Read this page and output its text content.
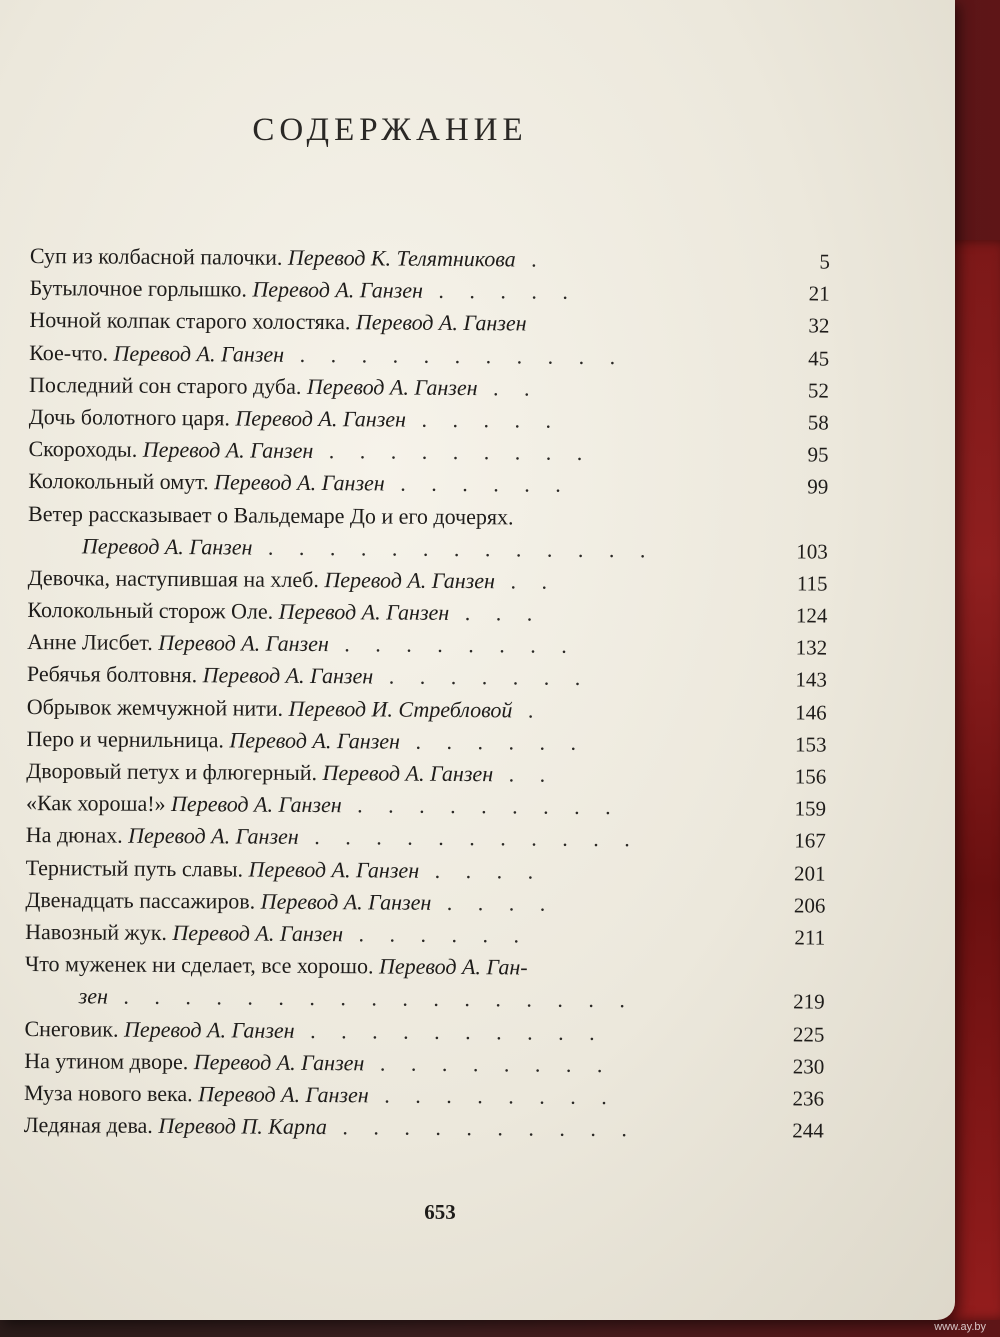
СОДЕРЖАНИЕ
Суп из колбасной палочки. Перевод К. Телятникова .	5
Бутылочное горлышко. Перевод А. Ганзен . . . . .	21
Ночной колпак старого холостяка. Перевод А. Ганзен	32
Кое-что. Перевод А. Ганзен . . . . . . . . . . .	45
Последний сон старого дуба. Перевод А. Ганзен . .	52
Дочь болотного царя. Перевод А. Ганзен . . . . .	58
Скороходы. Перевод А. Ганзен . . . . . . . . .	95
Колокольный омут. Перевод А. Ганзен . . . . . .	99
Ветер рассказывает о Вальдемаре До и его дочерях.
Перевод А. Ганзен . . . . . . . . . . . . .	103
Девочка, наступившая на хлеб. Перевод А. Ганзен . .	115
Колокольный сторож Оле. Перевод А. Ганзен . . .	124
Анне Лисбет. Перевод А. Ганзен . . . . . . . .	132
Ребячья болтовня. Перевод А. Ганзен . . . . . . .	143
Обрывок жемчужной нити. Перевод И. Стребловой .	146
Перо и чернильница. Перевод А. Ганзен . . . . . .	153
Дворовый петух и флюгерный. Перевод А. Ганзен . .	156
«Как хороша!» Перевод А. Ганзен . . . . . . . . .	159
На дюнах. Перевод А. Ганзен . . . . . . . . . . .	167
Тернистый путь славы. Перевод А. Ганзен . . . .	201
Двенадцать пассажиров. Перевод А. Ганзен . . . .	206
Навозный жук. Перевод А. Ганзен . . . . . .	211
Что муженек ни сделает, все хорошо. Перевод А. Ган-
зен . . . . . . . . . . . . . . . . .	219
Снеговик. Перевод А. Ганзен . . . . . . . . . .	225
На утином дворе. Перевод А. Ганзен . . . . . . . .	230
Муза нового века. Перевод А. Ганзен . . . . . . . .	236
Ледяная дева. Перевод П. Карпа . . . . . . . . . .	244
653
www.ay.by
